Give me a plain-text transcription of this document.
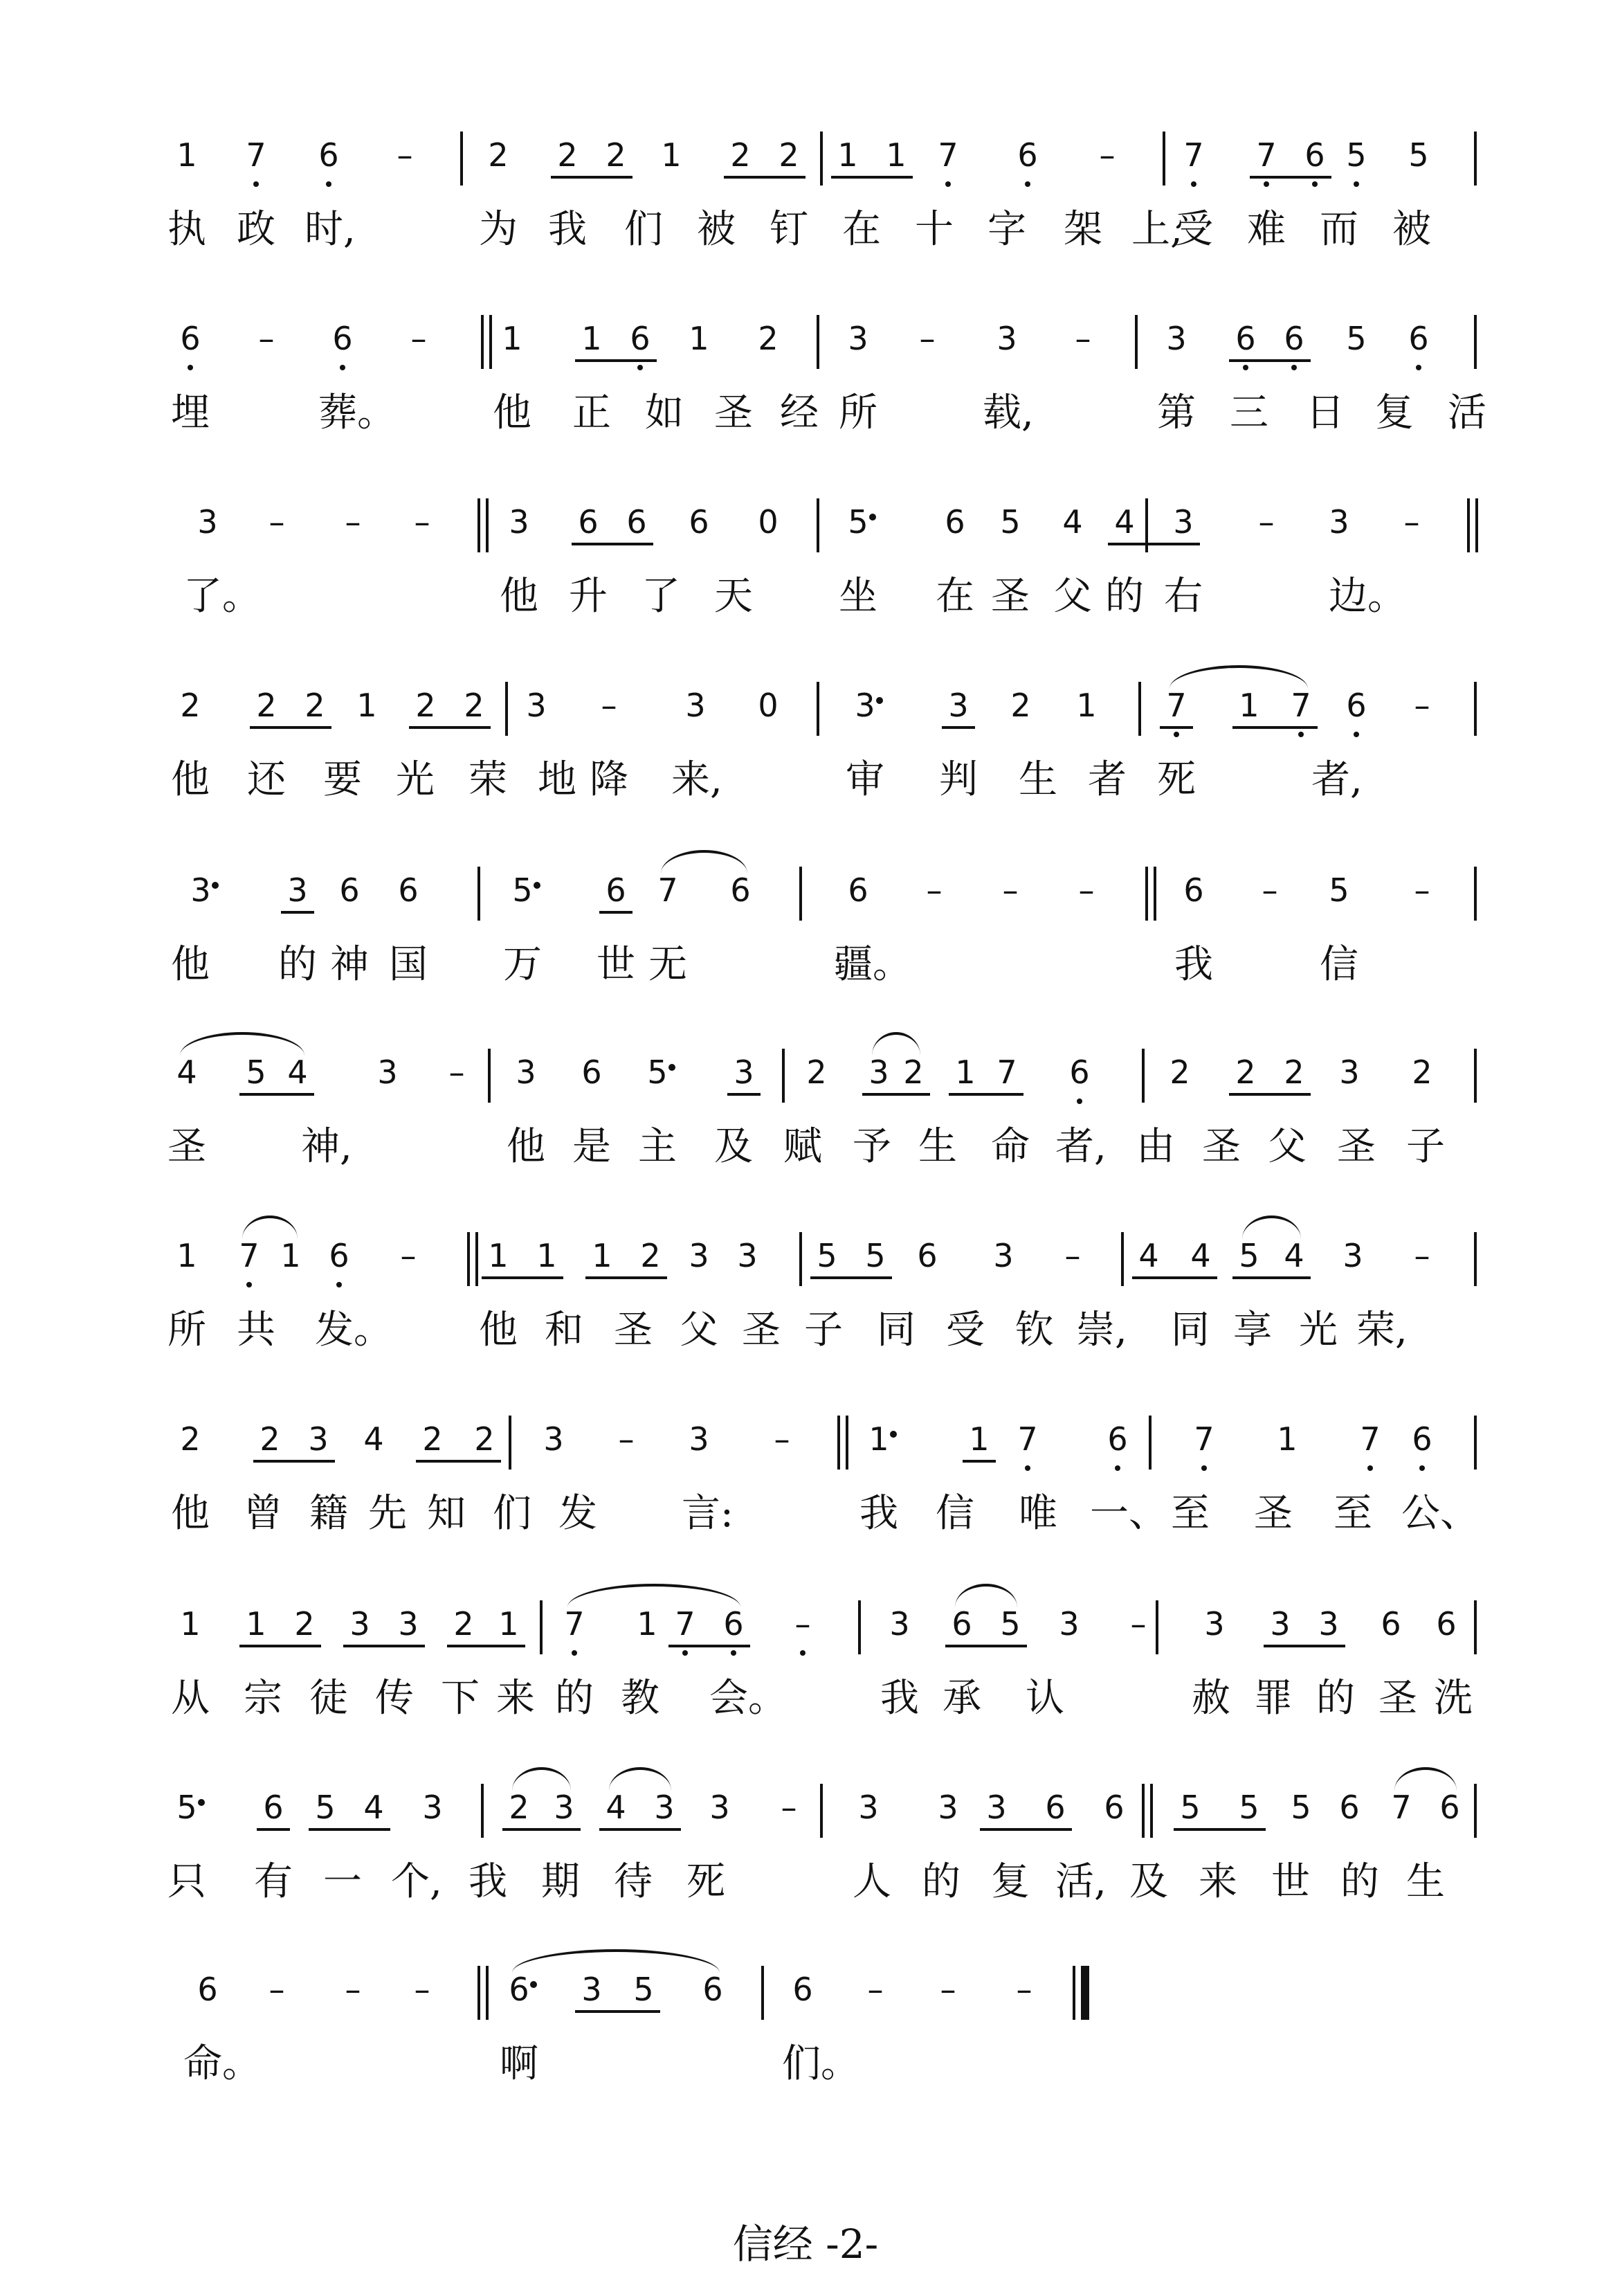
1 7 6	–	2 2 2 1 2 2 1 1 7 6	–	7 7 6 5 5
执 政 时,	为 我 们 被 钉 在 十 字 架 上,
受 难 而 被
6	–	6	–	1 1 6 1 2 3	–	3	–	3 6 6 5 6
埋	葬。	他 正 如 圣 经 所	载,	第 三 日 复 活
3	–	–	–	3 6 6 6 0 5 6 5 4 4 3	–	3	–
了。	他 升 了 天 坐 在 圣 父 的 右	边。
2 2 2 1 2 2 3	–	3 0 3 3 2 1 7 1 7 6	–
他 还 要 光 荣 地 降 来,	审 判 生 者 死	者,
3 3 6 6	5 6 7 6	6	–	–	–	6	–	5	–
他 的 神 国 万 世 无	疆。	我	信
4 5 4 3	–	3 6 5 3 2 3 2 1 7 6	2 2 2 3 2
圣 神,	他 是 主 及 赋 予 生 命 者, 由 圣 父 圣 子
1 7 1 6	–	1 1 1 2 3 3 5 5 6 3	–	4 4 5 4 3	–
所 共 发。 他 和 圣 父 圣 子 同 受 钦 崇, 同 享 光 荣,
2 2 3 4 2 2 3	–	3	–	1	1 7 6 7 1 7 6
他 曾 籍 先 知 们 发 言:	我 信 唯 一、 至 圣 至 公、
1 1 2 3 3 2 1 7 1 7 6	–	3 6 5 3	–	3 3 3 6 6
从 宗 徒 传 下 来 的 教 会。 我 承 认	赦 罪 的 圣 洗
5 6 5 4 3 2 3 4 3 3	–	3 3 3 6 6 5 5 5 6 7 6
只 有 一 个, 我 期 待 死	人 的 复 活, 及 来 世 的 生
6	–	–	–	6 3 5 6 6	–	–	–
命。	啊	们。
信经 -2-
